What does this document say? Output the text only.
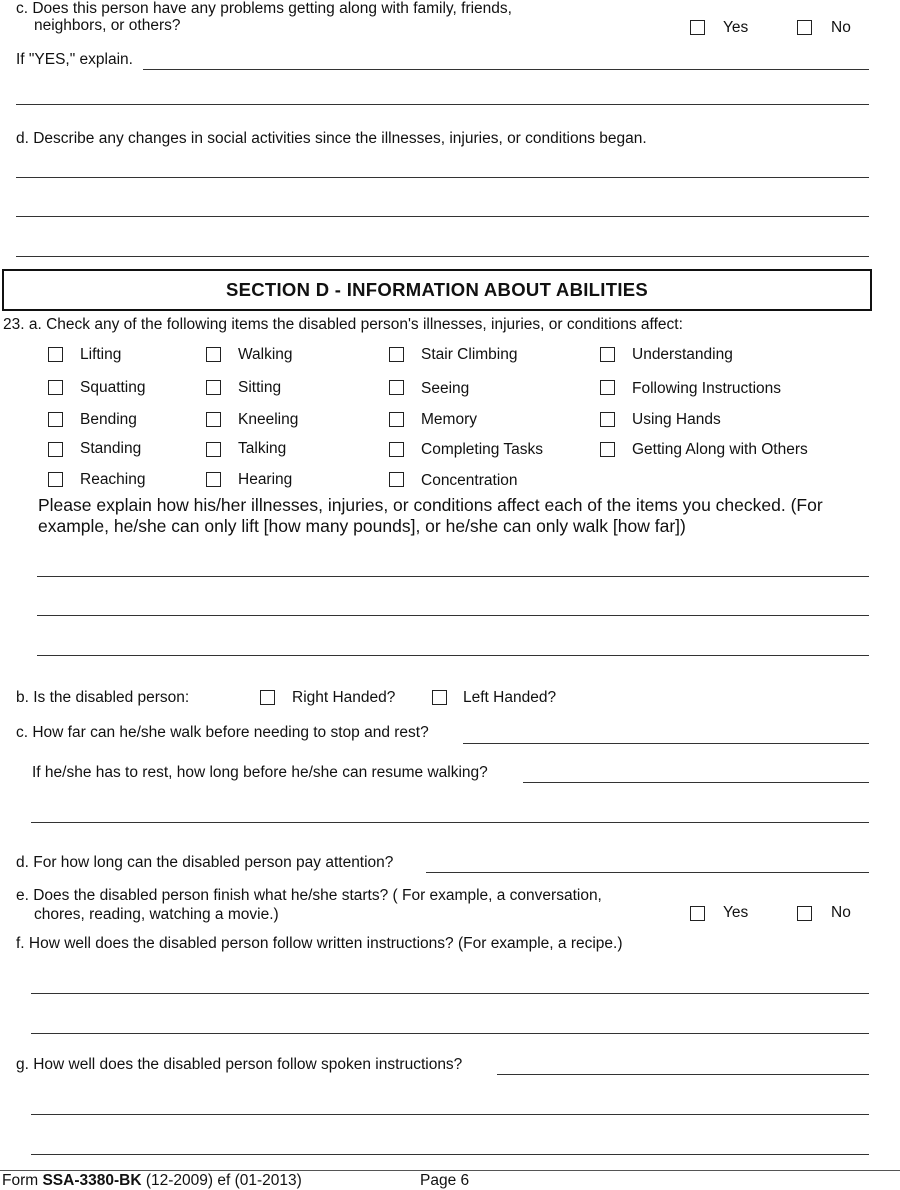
c. Does this person have any problems getting along with family, friends,
neighbors, or others?	Yes	No
If "YES," explain.
d. Describe any changes in social activities since the illnesses, injuries, or conditions began.
SECTION D - INFORMATION ABOUT ABILITIES
23. a. Check any of the following items the disabled person's illnesses, injuries, or conditions affect:
Lifting	Walking	Stair Climbing	Understanding
Squatting	Sitting	Seeing	Following Instructions
Bending	Kneeling	Memory	Using Hands
Standing	Talking	Completing Tasks	Getting Along with Others
Reaching	Hearing	Concentration
Please explain how his/her illnesses, injuries, or conditions affect each of the items you checked. (For example, he/she can only lift [how many pounds], or he/she can only walk [how far])
b. Is the disabled person:	Right Handed?	Left Handed?
c. How far can he/she walk before needing to stop and rest?
If he/she has to rest, how long before he/she can resume walking?
d. For how long can the disabled person pay attention?
e. Does the disabled person finish what he/she starts? ( For example, a conversation,
chores, reading, watching a movie.)	Yes	No
f. How well does the disabled person follow written instructions? (For example, a recipe.)
g. How well does the disabled person follow spoken instructions?
Form SSA-3380-BK (12-2009) ef (01-2013)	Page 6
